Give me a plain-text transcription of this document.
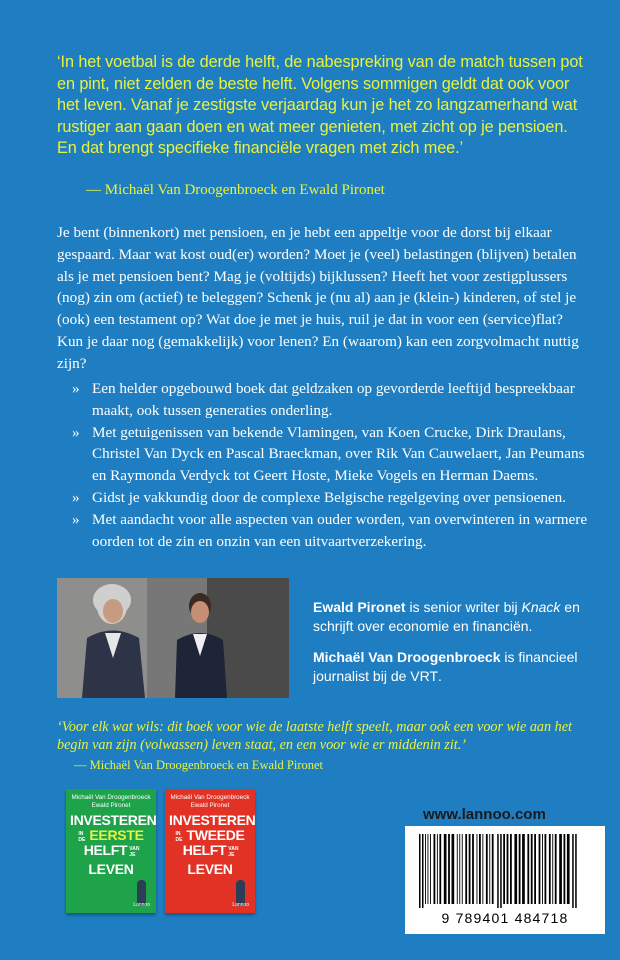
‘In het voetbal is de derde helft, de nabespreking van de match tussen pot en pint, niet zelden de beste helft. Volgens sommigen geldt dat ook voor het leven. Vanaf je zestigste verjaardag kun je het zo langzamerhand wat rustiger aan gaan doen en wat meer genieten, met zicht op je pensioen. En dat brengt specifieke financiële vragen met zich mee.’
— Michaël Van Droogenbroeck en Ewald Pironet
Je bent (binnenkort) met pensioen, en je hebt een appeltje voor de dorst bij elkaar gespaard. Maar wat kost oud(er) worden? Moet je (veel) belastingen (blijven) betalen als je met pensioen bent? Mag je (voltijds) bijklussen? Heeft het voor zestigplussers (nog) zin om (actief) te beleggen? Schenk je (nu al) aan je (klein-) kinderen, of stel je (ook) een testament op? Wat doe je met je huis, ruil je dat in voor een (service)flat? Kun je daar nog (gemakkelijk) voor lenen? En (waarom) kan een zorgvolmacht nuttig zijn?
» Een helder opgebouwd boek dat geldzaken op gevorderde leeftijd bespreekbaar maakt, ook tussen generaties onderling.
» Met getuigenissen van bekende Vlamingen, van Koen Crucke, Dirk Draulans, Christel Van Dyck en Pascal Braeckman, over Rik Van Cauwelaert, Jan Peumans en Raymonda Verdyck tot Geert Hoste, Mieke Vogels en Herman Daems.
» Gidst je vakkundig door de complexe Belgische regelgeving over pensioenen.
» Met aandacht voor alle aspecten van ouder worden, van overwinteren in warmere oorden tot de zin en onzin van een uitvaartverzekering.

Ewald Pironet is senior writer bij Knack en schrijft over economie en financiën.

Michaël Van Droogenbroeck is financieel journalist bij de VRT.

‘Voor elk wat wils: dit boek voor wie de laatste helft speelt, maar ook een voor wie aan het begin van zijn (volwassen) leven staat, en een voor wie er middenin zit.’
— Michaël Van Droogenbroeck en Ewald Pironet
Michaël Van Droogenbroeck
Ewald Pironet
INVESTEREN
IN DE EERSTE
HELFT VAN JE
LEVEN
Lannoo
Michaël Van Droogenbroeck
Ewald Pironet
INVESTEREN
IN DE TWEEDE
HELFT VAN JE
LEVEN
Lannoo
www.lannoo.com
9 789401 484718
